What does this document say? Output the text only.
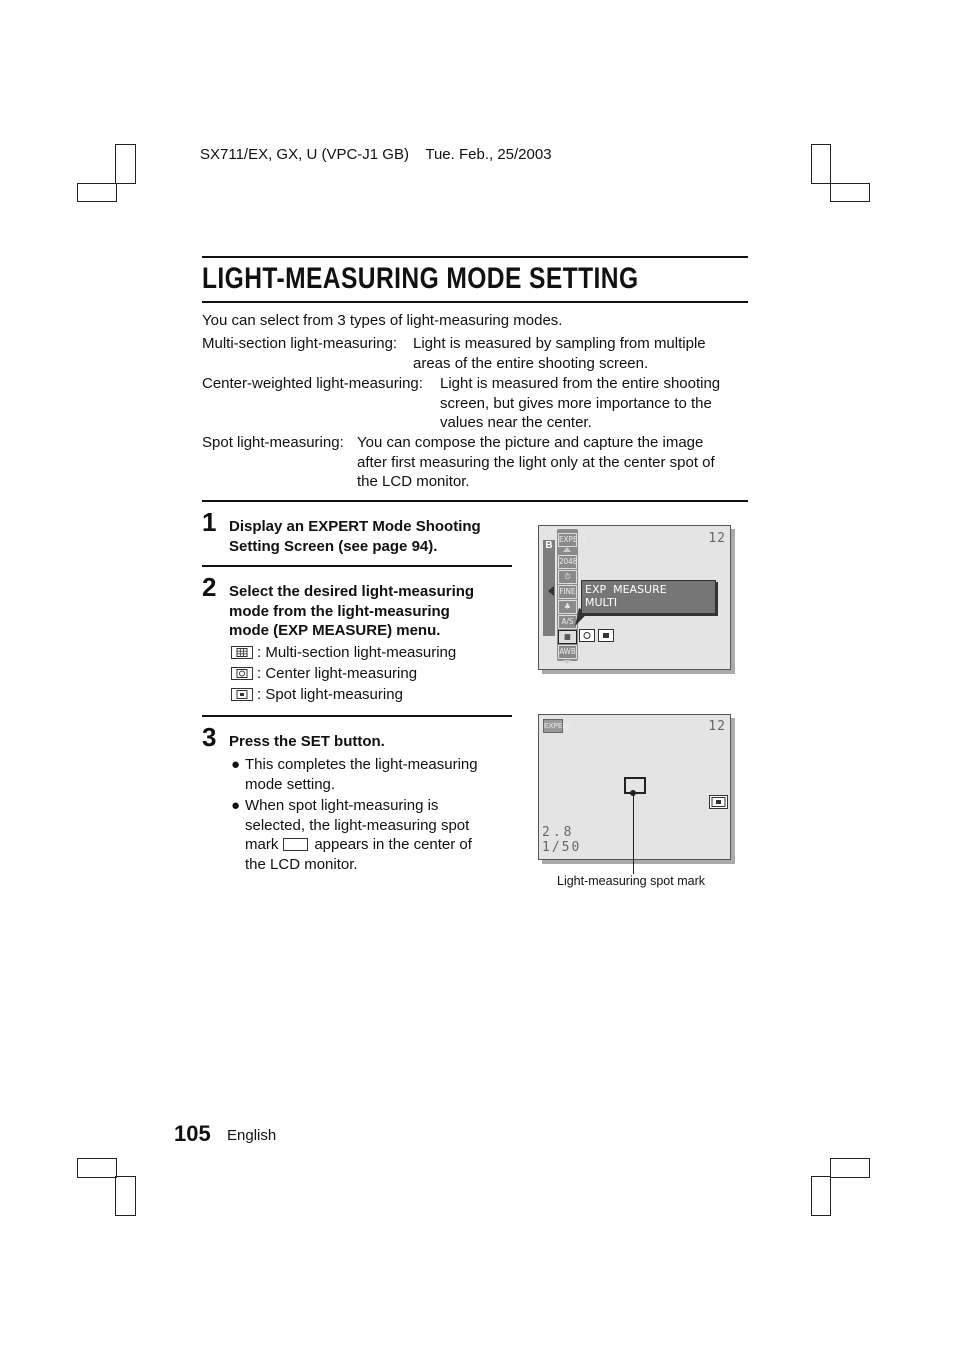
SX711/EX, GX, U (VPC-J1 GB)    Tue. Feb., 25/2003
LIGHT-MEASURING MODE SETTING
You can select from 3 types of light-measuring modes.
Multi-section light-measuring: Light is measured by sampling from multiple
areas of the entire shooting screen.
Center-weighted light-measuring: Light is measured from the entire shooting
screen, but gives more importance to the
values near the center.
Spot light-measuring: You can compose the picture and capture the image
after first measuring the light only at the center spot of
the LCD monitor.
1 Display an EXPERT Mode Shooting
Setting Screen (see page 94).
2 Select the desired light-measuring
mode from the light-measuring
mode (EXP MEASURE) menu.
: Multi-section light-measuring
: Center light-measuring
: Spot light-measuring
3 Press the SET button.
● This completes the light-measuring
mode setting.
● When spot light-measuring is
selected, the light-measuring spot
mark appears in the center of
the LCD monitor.
12
B
EXPERT
2048
⏱
FINE
♣
A/S
▦
AWB
EXP  MEASURE
MULTI
EXPERT	12
2.8
1/50
Light-measuring spot mark
105 English
